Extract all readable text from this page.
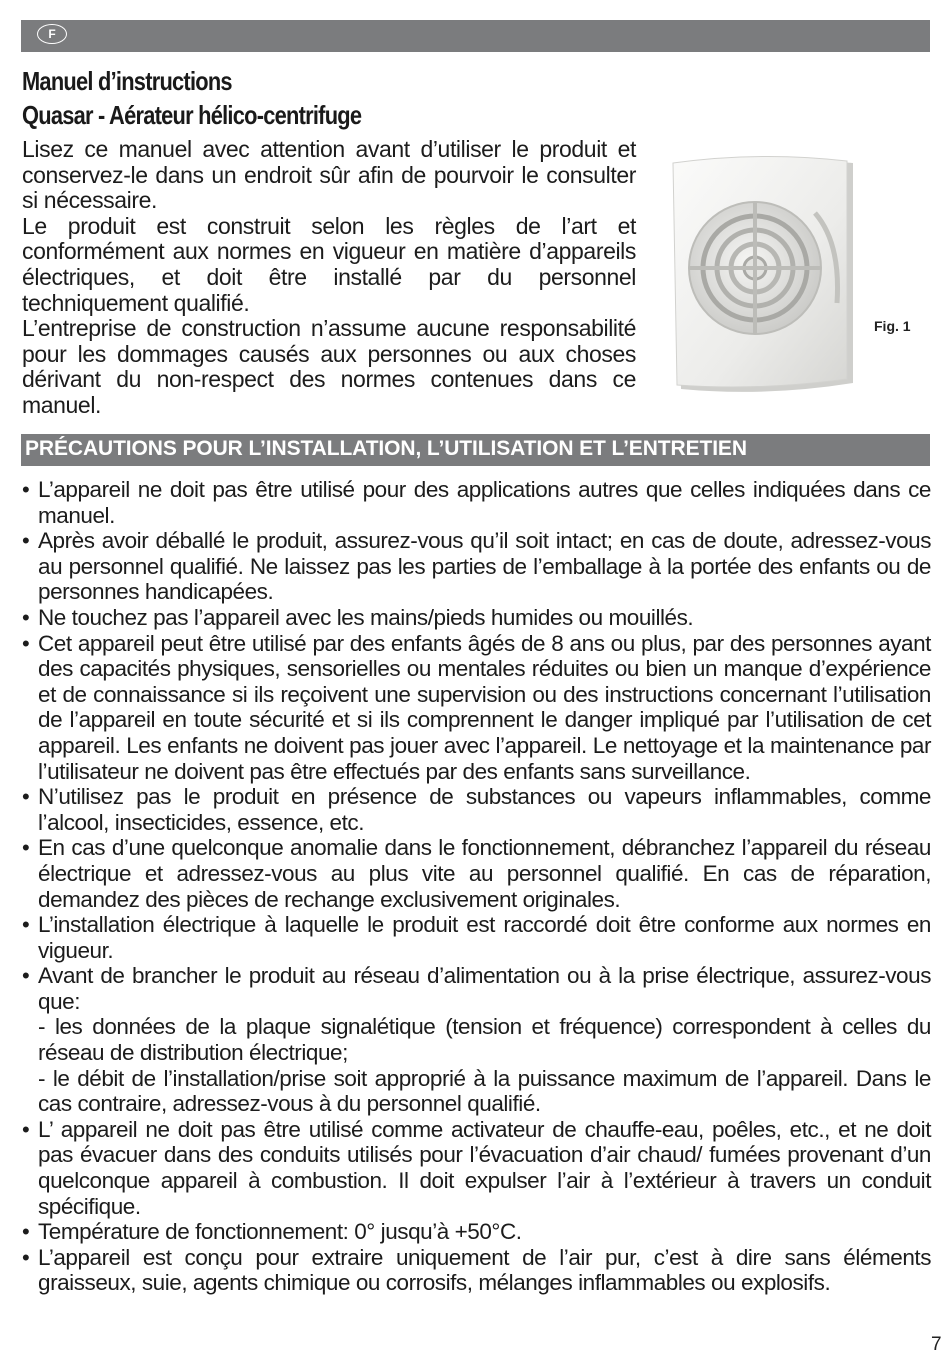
F
Manuel d’instructions
Quasar - Aérateur hélico-centrifuge

Lisez ce manuel avec attention avant d’utiliser le produit et conservez-le dans un endroit sûr afin de pourvoir le consulter si nécessaire.

Le produit est construit selon les règles de l’art et conformément aux normes en vigueur en matière d’appareils électriques, et doit être installé par du personnel techniquement qualifié.

L’entreprise de construction n’assume aucune responsabilité pour les dommages causés aux personnes ou aux choses dérivant du non-respect des normes contenues dans ce manuel.

Fig. 1
PRÉCAUTIONS POUR L’INSTALLATION, L’UTILISATION ET L’ENTRETIEN
• L’appareil ne doit pas être utilisé pour des applications autres que celles indiquées dans ce manuel.
• Après avoir déballé le produit, assurez-vous qu’il soit intact; en cas de doute, adressez-vous au personnel qualifié. Ne laissez pas les parties de l’emballage à la portée des enfants ou de personnes handicapées.
• Ne touchez pas l’appareil avec les mains/pieds humides ou mouillés.
• Cet appareil peut être utilisé par des enfants âgés de 8 ans ou plus, par des personnes ayant des capacités physiques, sensorielles ou mentales réduites ou bien un manque d’expérience et de connaissance si ils reçoivent une supervision ou des instructions concernant l’utilisation de l’appareil en toute sécurité et si ils comprennent le danger impliqué par l’utilisation de cet appareil. Les enfants ne doivent pas jouer avec l’appareil. Le nettoyage et la maintenance par l’utilisateur ne doivent pas être effectués par des enfants sans surveillance.
• N’utilisez pas le produit en présence de substances ou vapeurs inflammables, comme l’alcool, insecticides, essence, etc.
• En cas d’une quelconque anomalie dans le fonctionnement, débranchez l’appareil du réseau électrique et adressez-vous au plus vite au personnel qualifié. En cas de réparation, demandez des pièces de rechange exclusivement originales.
• L’installation électrique à laquelle le produit est raccordé doit être conforme aux normes en vigueur.
• Avant de brancher le produit au réseau d’alimentation ou à la prise électrique, assurez-vous que:
- les données de la plaque signalétique (tension et fréquence) correspondent à celles du réseau de distribution électrique;
- le débit de l’installation/prise soit approprié à la puissance maximum de l’appareil. Dans le cas contraire, adressez-vous à du personnel qualifié.
• L’ appareil ne doit pas être utilisé comme activateur de chauffe-eau, poêles, etc., et ne doit pas évacuer dans des conduits utilisés pour l’évacuation d’air chaud/ fumées provenant d’un quelconque appareil à combustion. Il doit expulser l’air à l’extérieur à travers un conduit spécifique.
• Température de fonctionnement: 0° jusqu’à +50°C.
• L’appareil est conçu pour extraire uniquement de l’air pur, c’est à dire sans éléments graisseux, suie, agents chimique ou corrosifs, mélanges inflammables ou explosifs.
7
